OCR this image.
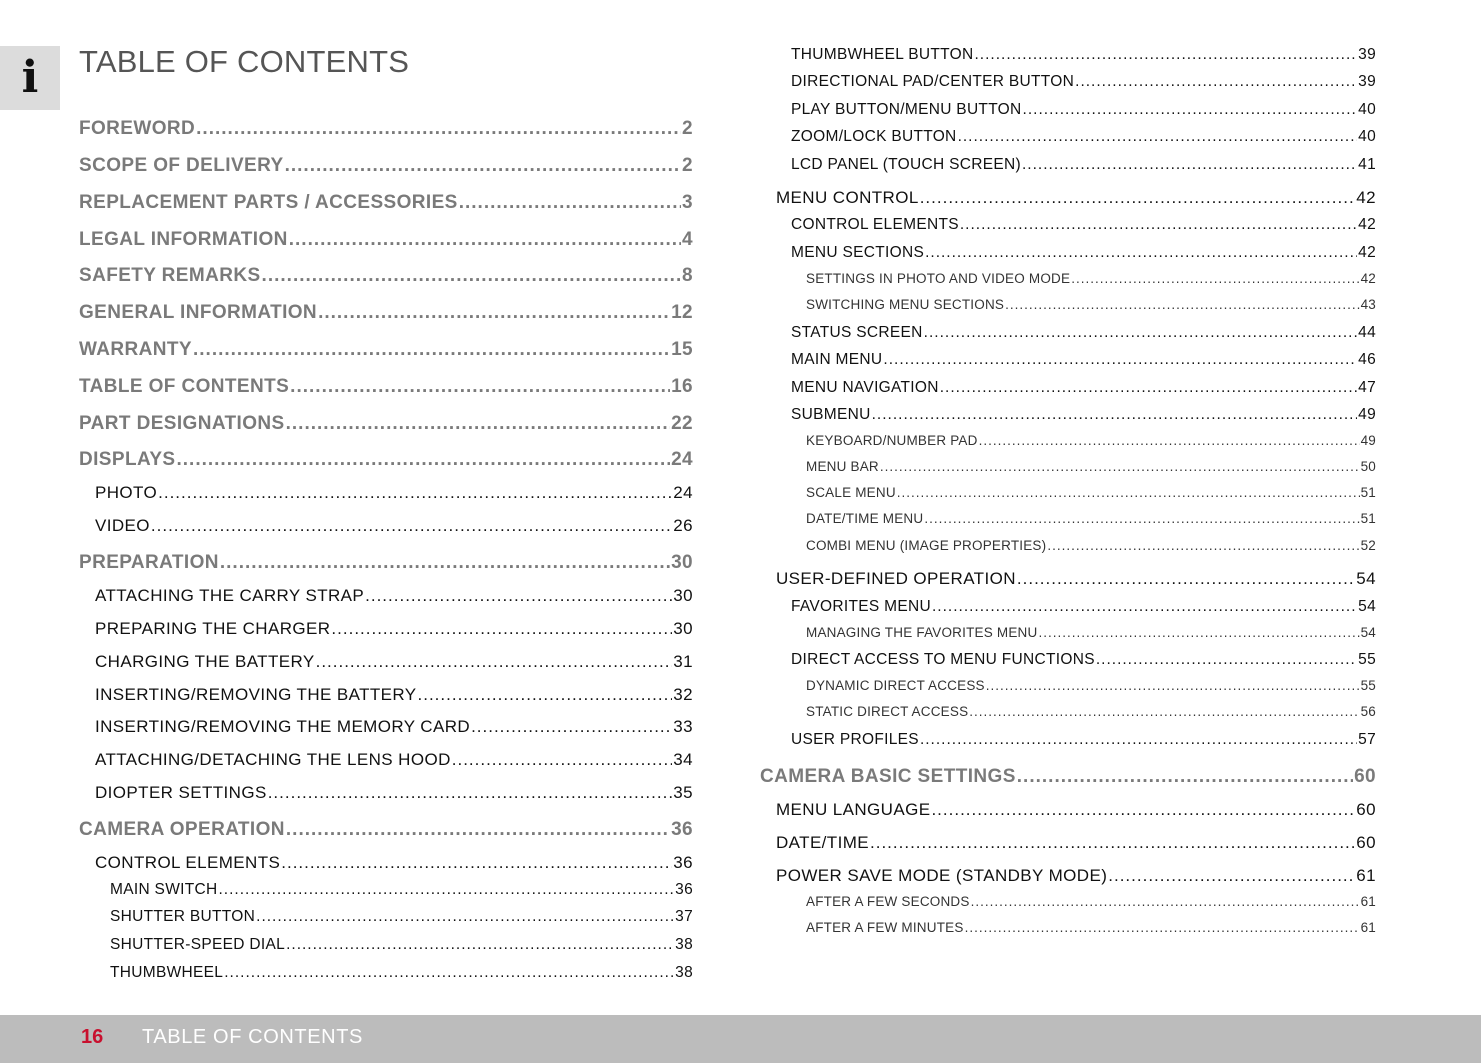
i TABLE OF CONTENTS
FOREWORD .....	2
SCOPE OF DELIVERY .....	2
REPLACEMENT PARTS / ACCESSORIES .....	3
LEGAL INFORMATION .....	4
SAFETY REMARKS .....	8
GENERAL INFORMATION .....	12
WARRANTY .....	15
TABLE OF CONTENTS .....	16
PART DESIGNATIONS .....	22
DISPLAYS .....	24
PHOTO .....	24
VIDEO .....	26
PREPARATION .....	30
ATTACHING THE CARRY STRAP .....	30
PREPARING THE CHARGER .....	30
CHARGING THE BATTERY .....	31
INSERTING/REMOVING THE BATTERY .....	32
INSERTING/REMOVING THE MEMORY CARD .....	33
ATTACHING/DETACHING THE LENS HOOD .....	34
DIOPTER SETTINGS .....	35
CAMERA OPERATION .....	36
CONTROL ELEMENTS .....	36
MAIN SWITCH .....	36
SHUTTER BUTTON .....	37
SHUTTER-SPEED DIAL .....	38
THUMBWHEEL .....	38
THUMBWHEEL BUTTON .....	39
DIRECTIONAL PAD/CENTER BUTTON .....	39
PLAY BUTTON/MENU BUTTON .....	40
ZOOM/LOCK BUTTON .....	40
LCD PANEL (TOUCH SCREEN) .....	41
MENU CONTROL .....	42
CONTROL ELEMENTS .....	42
MENU SECTIONS .....	42
SETTINGS IN PHOTO AND VIDEO MODE .....	42
SWITCHING MENU SECTIONS .....	43
STATUS SCREEN .....	44
MAIN MENU .....	46
MENU NAVIGATION .....	47
SUBMENU .....	49
KEYBOARD/NUMBER PAD .....	49
MENU BAR .....	50
SCALE MENU .....	51
DATE/TIME MENU .....	51
COMBI MENU (IMAGE PROPERTIES) .....	52
USER-DEFINED OPERATION .....	54
FAVORITES MENU .....	54
MANAGING THE FAVORITES MENU .....	54
DIRECT ACCESS TO MENU FUNCTIONS .....	55
DYNAMIC DIRECT ACCESS .....	55
STATIC DIRECT ACCESS .....	56
USER PROFILES .....	57
CAMERA BASIC SETTINGS .....	60
MENU LANGUAGE .....	60
DATE/TIME .....	60
POWER SAVE MODE (STANDBY MODE) .....	61
AFTER A FEW SECONDS .....	61
AFTER A FEW MINUTES .....	61
16 TABLE OF CONTENTS
